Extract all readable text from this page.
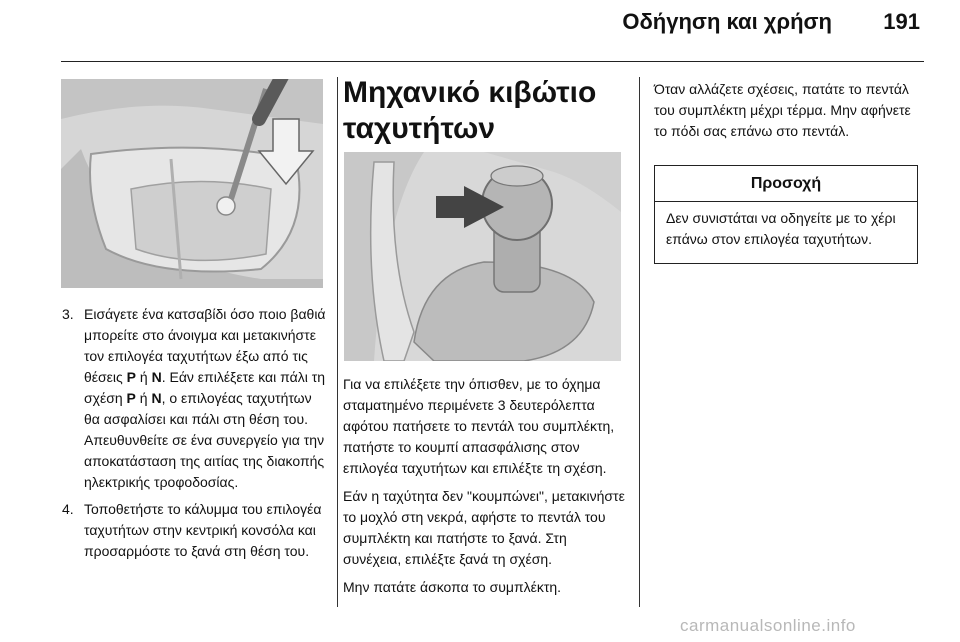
Οδήγηση και χρήση	191
3. Εισάγετε ένα κατσαβίδι όσο ποιο βαθιά μπορείτε στο άνοιγμα και μετακινήστε τον επιλογέα ταχυτήτων έξω από τις θέσεις P ή N. Εάν επιλέξετε και πάλι τη σχέση P ή N, ο επιλογέας ταχυτήτων θα ασφαλίσει και πάλι στη θέση του. Απευθυνθείτε σε ένα συνεργείο για την αποκατάσταση της αιτίας της διακοπής ηλεκτρικής τροφοδοσίας.
4. Τοποθετήστε το κάλυμμα του επιλογέα ταχυτήτων στην κεντρική κονσόλα και προσαρμόστε το ξανά στη θέση του.
Μηχανικό κιβώτιο ταχυτήτων

Για να επιλέξετε την όπισθεν, με το όχημα σταματημένο περιμένετε 3 δευτερόλεπτα αφότου πατήσετε το πεντάλ του συμπλέκτη, πατήστε το κουμπί απασφάλισης στον επιλογέα ταχυτήτων και επιλέξτε τη σχέση.

Εάν η ταχύτητα δεν "κουμπώνει", μετακινήστε το μοχλό στη νεκρά, αφήστε το πεντάλ του συμπλέκτη και πατήστε το ξανά. Στη συνέχεια, επιλέξτε ξανά τη σχέση.

Μην πατάτε άσκοπα το συμπλέκτη.

Όταν αλλάζετε σχέσεις, πατάτε το πεντάλ του συμπλέκτη μέχρι τέρμα. Μην αφήνετε το πόδι σας επάνω στο πεντάλ.

Προσοχή
Δεν συνιστάται να οδηγείτε με το χέρι επάνω στον επιλογέα ταχυτήτων.
carmanualsonline.info
